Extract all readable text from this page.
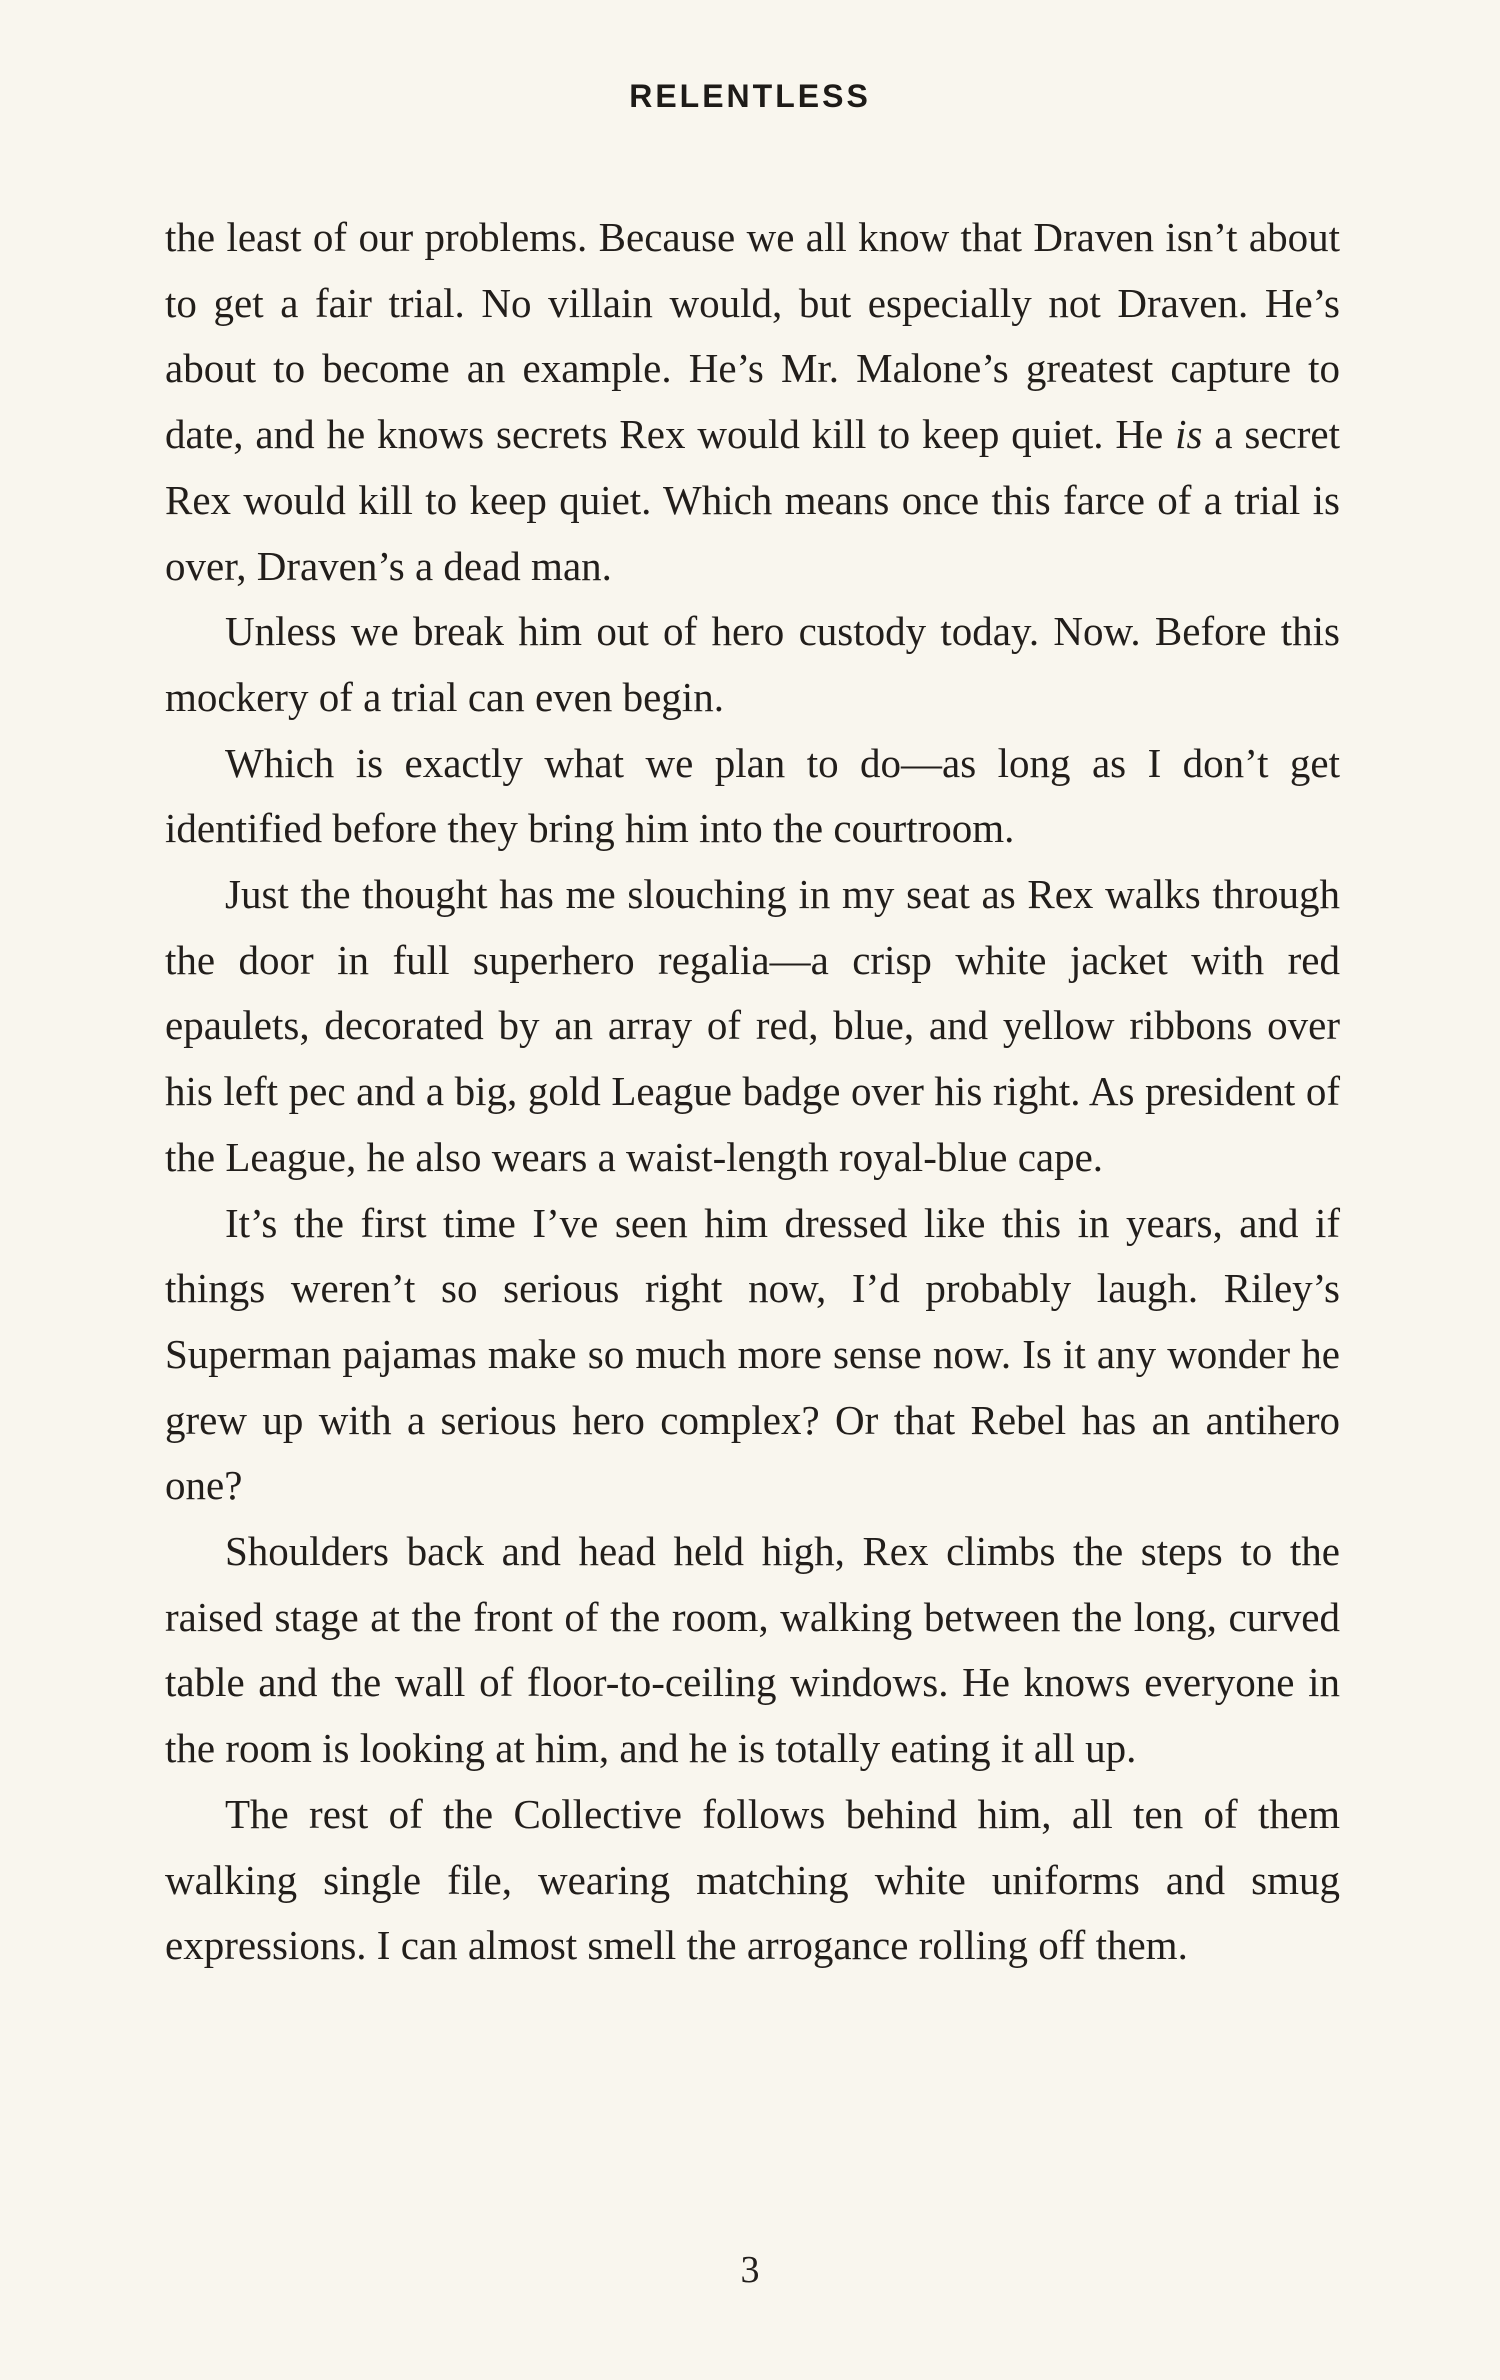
RELENTLESS

the least of our problems. Because we all know that Draven isn’t about to get a fair trial. No villain would, but especially not Draven. He’s about to become an example. He’s Mr. Malone’s greatest capture to date, and he knows secrets Rex would kill to keep quiet. He is a secret Rex would kill to keep quiet. Which means once this farce of a trial is over, Draven’s a dead man.

Unless we break him out of hero custody today. Now. Before this mockery of a trial can even begin.

Which is exactly what we plan to do—as long as I don’t get identified before they bring him into the courtroom.

Just the thought has me slouching in my seat as Rex walks through the door in full superhero regalia—a crisp white jacket with red epaulets, decorated by an array of red, blue, and yellow ribbons over his left pec and a big, gold League badge over his right. As president of the League, he also wears a waist-length royal-blue cape.

It’s the first time I’ve seen him dressed like this in years, and if things weren’t so serious right now, I’d probably laugh. Riley’s Superman pajamas make so much more sense now. Is it any wonder he grew up with a serious hero complex? Or that Rebel has an antihero one?

Shoulders back and head held high, Rex climbs the steps to the raised stage at the front of the room, walking between the long, curved table and the wall of floor-to-ceiling windows. He knows everyone in the room is looking at him, and he is totally eating it all up.

The rest of the Collective follows behind him, all ten of them walking single file, wearing matching white uniforms and smug expressions. I can almost smell the arrogance rolling off them.

3
